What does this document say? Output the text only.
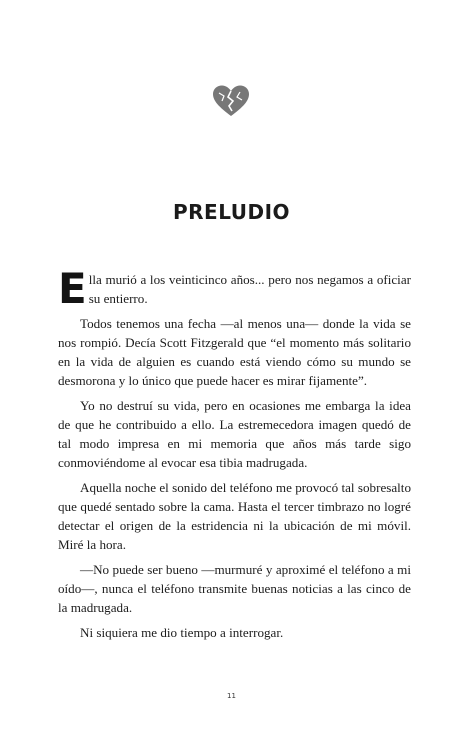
PRELUDIO

Ella murió a los veinticinco años... pero nos negamos a oficiar su entierro.

Todos tenemos una fecha —al menos una— donde la vida se nos rompió. Decía Scott Fitzgerald que “el momento más solitario en la vida de alguien es cuando está viendo cómo su mundo se desmorona y lo único que puede hacer es mirar fijamente”.

Yo no destruí su vida, pero en ocasiones me embarga la idea de que he contribuido a ello. La estremecedora imagen quedó de tal modo impresa en mi memoria que años más tarde sigo conmoviéndome al evocar esa tibia madrugada.

Aquella noche el sonido del teléfono me provocó tal sobresalto que quedé sentado sobre la cama. Hasta el tercer timbrazo no logré detectar el origen de la estridencia ni la ubicación de mi móvil. Miré la hora.

—No puede ser bueno —murmuré y aproximé el teléfono a mi oído—, nunca el teléfono transmite buenas noticias a las cinco de la madrugada.

Ni siquiera me dio tiempo a interrogar.

11
